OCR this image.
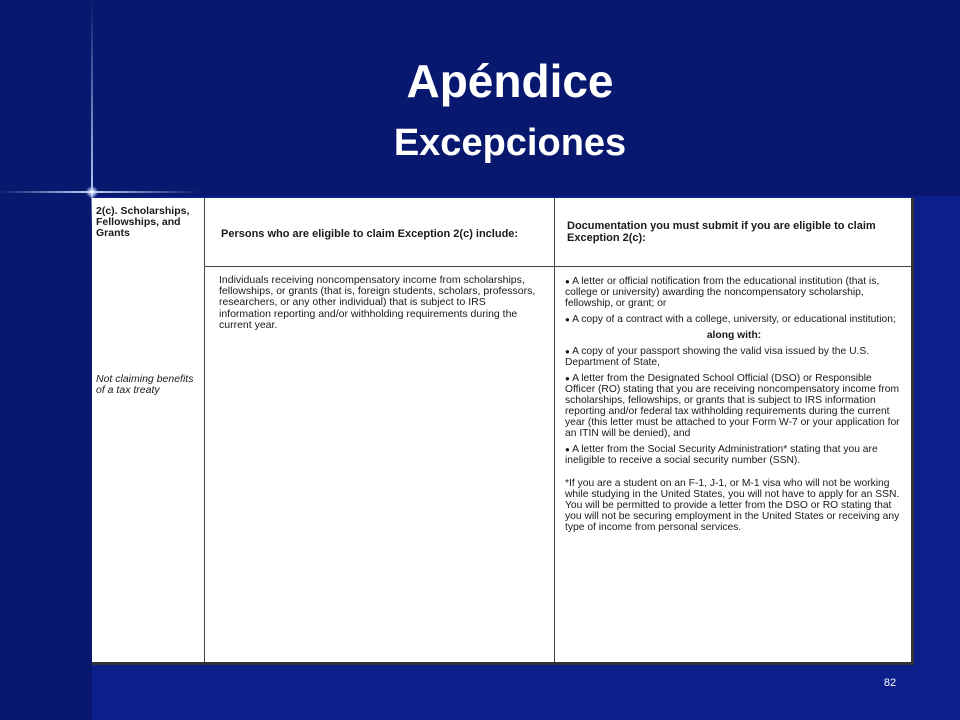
Apéndice
Excepciones
2(c). Scholarships, Fellowships, and Grants
Not claiming benefits of a tax treaty
Persons who are eligible to claim Exception 2(c) include:
Individuals receiving noncompensatory income from scholarships, fellowships, or grants (that is, foreign students, scholars, professors, researchers, or any other individual) that is subject to IRS information reporting and/or withholding requirements during the current year.
Documentation you must submit if you are eligible to claim Exception 2(c):

● A letter or official notification from the educational institution (that is, college or university) awarding the noncompensatory scholarship, fellowship, or grant; or

● A copy of a contract with a college, university, or educational institution;

along with:

● A copy of your passport showing the valid visa issued by the U.S. Department of State,

● A letter from the Designated School Official (DSO) or Responsible Officer (RO) stating that you are receiving noncompensatory income from scholarships, fellowships, or grants that is subject to IRS information reporting and/or federal tax withholding requirements during the current year (this letter must be attached to your Form W-7 or your application for an ITIN will be denied), and

● A letter from the Social Security Administration* stating that you are ineligible to receive a social security number (SSN).

*If you are a student on an F-1, J-1, or M-1 visa who will not be working while studying in the United States, you will not have to apply for an SSN. You will be permitted to provide a letter from the DSO or RO stating that you will not be securing employment in the United States or receiving any type of income from personal services.

82
